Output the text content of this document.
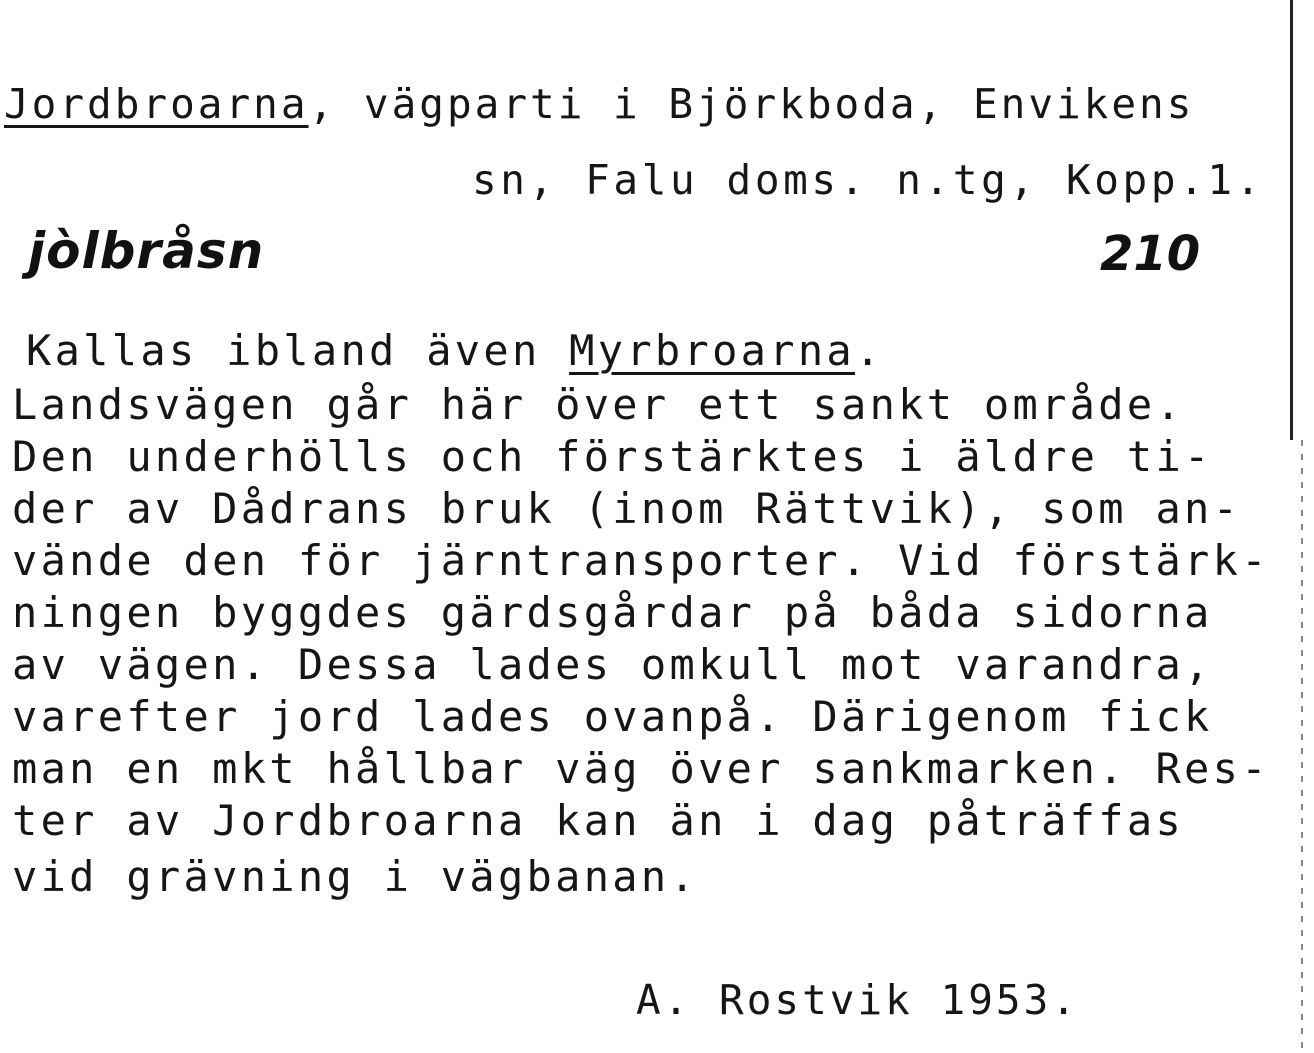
Jordbroarna, vägparti i Björkboda, Envikens
sn, Falu doms. n.tg, Kopp.1.
jòlbråsn	210
Kallas ibland även Myrbroarna.
Landsvägen går här över ett sankt område.
Den underhölls och förstärktes i äldre ti-
der av Dådrans bruk (inom Rättvik), som an-
vände den för järntransporter. Vid förstärk-
ningen byggdes gärdsgårdar på båda sidorna
av vägen. Dessa lades omkull mot varandra,
varefter jord lades ovanpå. Därigenom fick
man en mkt hållbar väg över sankmarken. Res-
ter av Jordbroarna kan än i dag påträffas
vid grävning i vägbanan.
A. Rostvik 1953.
